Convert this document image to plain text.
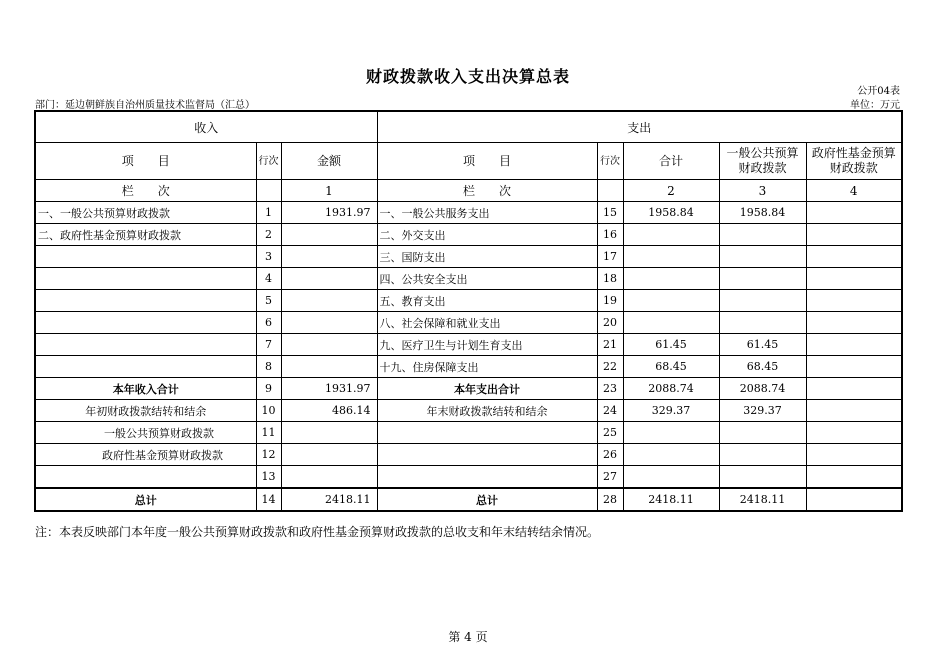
财政拨款收入支出决算总表
公开04表
部门：延边朝鲜族自治州质量技术监督局（汇总）	单位：万元
收入			支出				
项　　目	行次	金额	项　　目	行次	合计	一般公共预算财政拨款	政府性基金预算财政拨款
栏　　次		1	栏　　次		2	3	4
一、一般公共预算财政拨款	1	1931.97	一、一般公共服务支出	15	1958.84	1958.84	
二、政府性基金预算财政拨款	2		二、外交支出	16			
	3		三、国防支出	17			
	4		四、公共安全支出	18			
	5		五、教育支出	19			
	6		八、社会保障和就业支出	20			
	7		九、医疗卫生与计划生育支出	21	61.45	61.45	
	8		十九、住房保障支出	22	68.45	68.45	
本年收入合计	9	1931.97	本年支出合计	23	2088.74	2088.74	
年初财政拨款结转和结余	10	486.14	年末财政拨款结转和结余	24	329.37	329.37	
一般公共预算财政拨款	11			25			
政府性基金预算财政拨款	12			26			
	13			27			
总计	14	2418.11	总计	28	2418.11	2418.11	
注：本表反映部门本年度一般公共预算财政拨款和政府性基金预算财政拨款的总收支和年末结转结余情况。
第 4 页
